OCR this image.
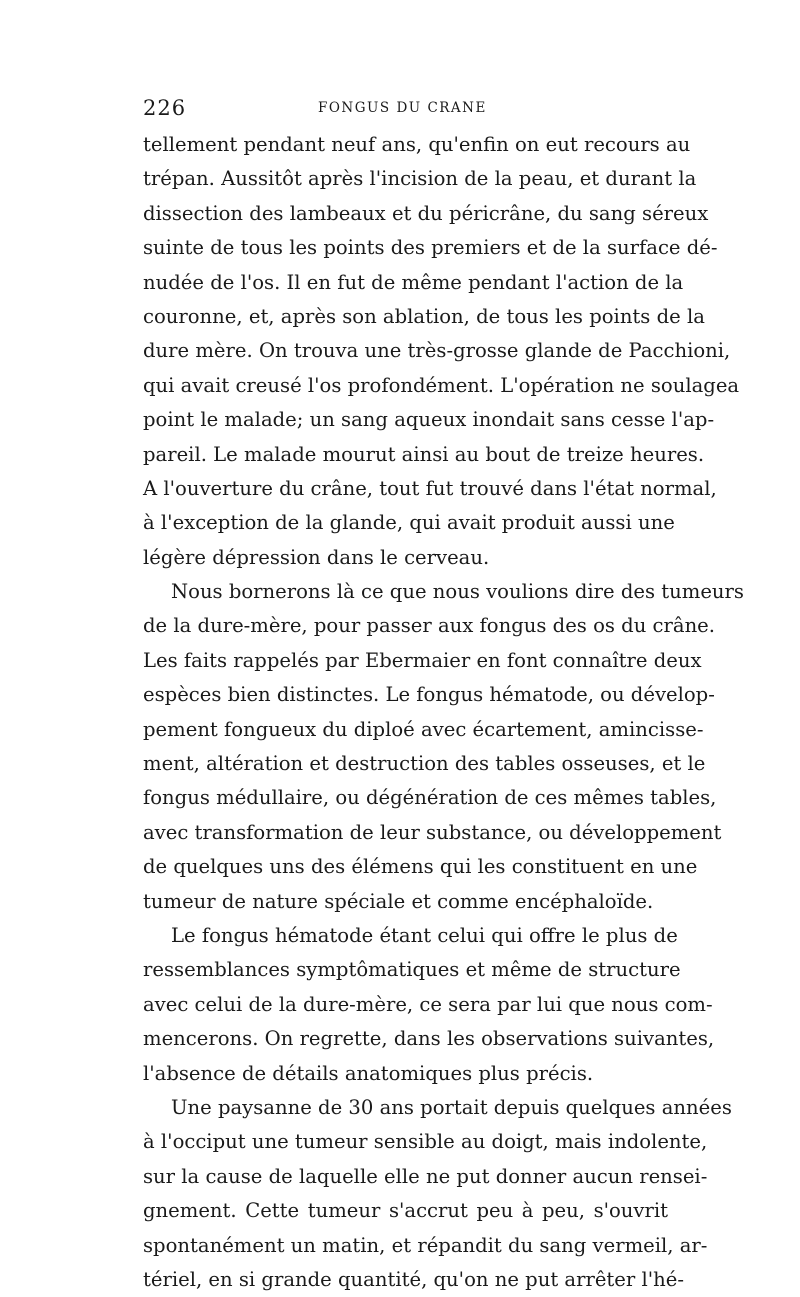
226	FONGUS DU CRANE
tellement pendant neuf ans, qu'enfin on eut recours au
trépan. Aussitôt après l'incision de la peau, et durant la
dissection des lambeaux et du péricrâne, du sang séreux
suinte de tous les points des premiers et de la surface dé-
nudée de l'os. Il en fut de même pendant l'action de la
couronne, et, après son ablation, de tous les points de la
dure mère. On trouva une très-grosse glande de Pacchioni,
qui avait creusé l'os profondément. L'opération ne soulagea
point le malade; un sang aqueux inondait sans cesse l'ap-
pareil. Le malade mourut ainsi au bout de treize heures.
A l'ouverture du crâne, tout fut trouvé dans l'état normal,
à l'exception de la glande, qui avait produit aussi une
légère dépression dans le cerveau.
Nous bornerons là ce que nous voulions dire des tumeurs
de la dure-mère, pour passer aux fongus des os du crâne.
Les faits rappelés par Ebermaier en font connaître deux
espèces bien distinctes. Le fongus hématode, ou dévelop-
pement fongueux du diploé avec écartement, amincisse-
ment, altération et destruction des tables osseuses, et le
fongus médullaire, ou dégénération de ces mêmes tables,
avec transformation de leur substance, ou développement
de quelques uns des élémens qui les constituent en une
tumeur de nature spéciale et comme encéphaloïde.
Le fongus hématode étant celui qui offre le plus de
ressemblances symptômatiques et même de structure
avec celui de la dure-mère, ce sera par lui que nous com-
mencerons. On regrette, dans les observations suivantes,
l'absence de détails anatomiques plus précis.
Une paysanne de 30 ans portait depuis quelques années
à l'occiput une tumeur sensible au doigt, mais indolente,
sur la cause de laquelle elle ne put donner aucun rensei-
gnement. Cette tumeur s'accrut peu à peu, s'ouvrit
spontanément un matin, et répandit du sang vermeil, ar-
tériel, en si grande quantité, qu'on ne put arrêter l'hé-
